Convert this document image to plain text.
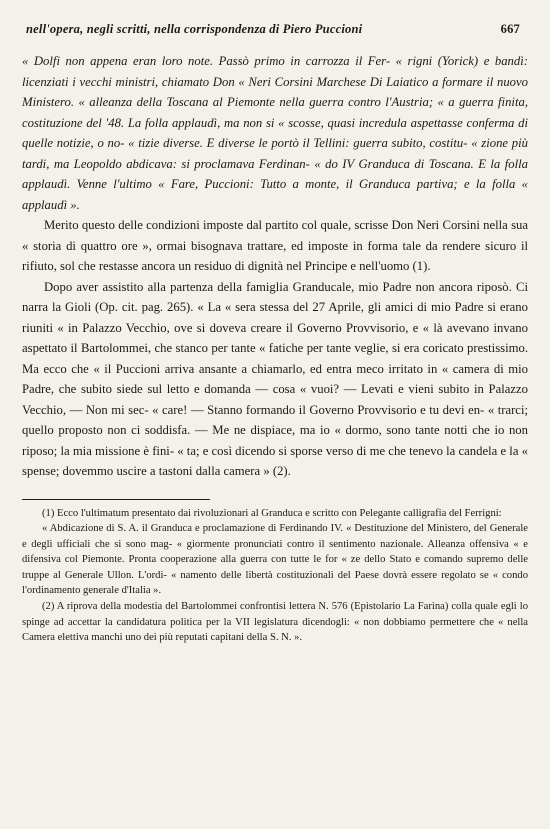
nell'opera, negli scritti, nella corrispondenza di Piero Puccioni	667

« Dolfi non appena eran loro note. Passò primo in carrozza il Fer- « rigni (Yorick) e bandì: licenziati i vecchi ministri, chiamato Don « Neri Corsini Marchese Di Laiatico a formare il nuovo Ministero. « alleanza della Toscana al Piemonte nella guerra contro l'Austria; « a guerra finita, costituzione del '48. La folla applaudì, ma non si « scosse, quasi incredula aspettasse conferma di quelle notizie, o no- « tizie diverse. E diverse le portò il Tellini: guerra subito, costitu- « zione più tardi, ma Leopoldo abdicava: si proclamava Ferdinan- « do IV Granduca di Toscana. E la folla applaudì. Venne l'ultimo « Fare, Puccioni: Tutto a monte, il Granduca partiva; e la folla « applaudì ».

Merito questo delle condizioni imposte dal partito col quale, scrisse Don Neri Corsini nella sua « storia di quattro ore », ormai bisognava trattare, ed imposte in forma tale da rendere sicuro il rifiuto, sol che restasse ancora un residuo di dignità nel Principe e nell'uomo (1).

Dopo aver assistito alla partenza della famiglia Granducale, mio Padre non ancora riposò. Ci narra la Gioli (Op. cit. pag. 265). « La « sera stessa del 27 Aprile, gli amici di mio Padre si erano riuniti « in Palazzo Vecchio, ove si doveva creare il Governo Provvisorio, e « là avevano invano aspettato il Bartolommei, che stanco per tante « fatiche per tante veglie, si era coricato prestissimo. Ma ecco che « il Puccioni arriva ansante a chiamarlo, ed entra meco irritato in « camera di mio Padre, che subito siede sul letto e domanda — cosa « vuoi? — Levati e vieni subito in Palazzo Vecchio, — Non mi sec- « care! — Stanno formando il Governo Provvisorio e tu devi en- « trarci; quello proposto non ci soddisfa. — Me ne dispiace, ma io « dormo, sono tante notti che io non riposo; la mia missione è fini- « ta; e così dicendo si sporse verso di me che tenevo la candela e la « spense; dovemmo uscire a tastoni dalla camera » (2).

(1) Ecco l'ultimatum presentato dai rivoluzionari al Granduca e scritto con Pelegante calligrafia del Ferrigni:

« Abdicazione di S. A. il Granduca e proclamazione di Ferdinando IV. « Destituzione del Ministero, del Generale e degli ufficiali che si sono mag- « giormente pronunciati contro il sentimento nazionale. Alleanza offensiva « e difensiva col Piemonte. Pronta cooperazione alla guerra con tutte le for « ze dello Stato e comando supremo delle truppe al Generale Ullon. L'ordi- « namento delle libertà costituzionali del Paese dovrà essere regolato se « condo l'ordinamento generale d'Italia ».

(2) A riprova della modestia del Bartolommei confrontisi lettera N. 576 (Epistolario La Farina) colla quale egli lo spinge ad accettar la candidatura politica per la VII legislatura dicendogli: « non dobbiamo permettere che « nella Camera elettiva manchi uno dei più reputati capitani della S. N. ».
